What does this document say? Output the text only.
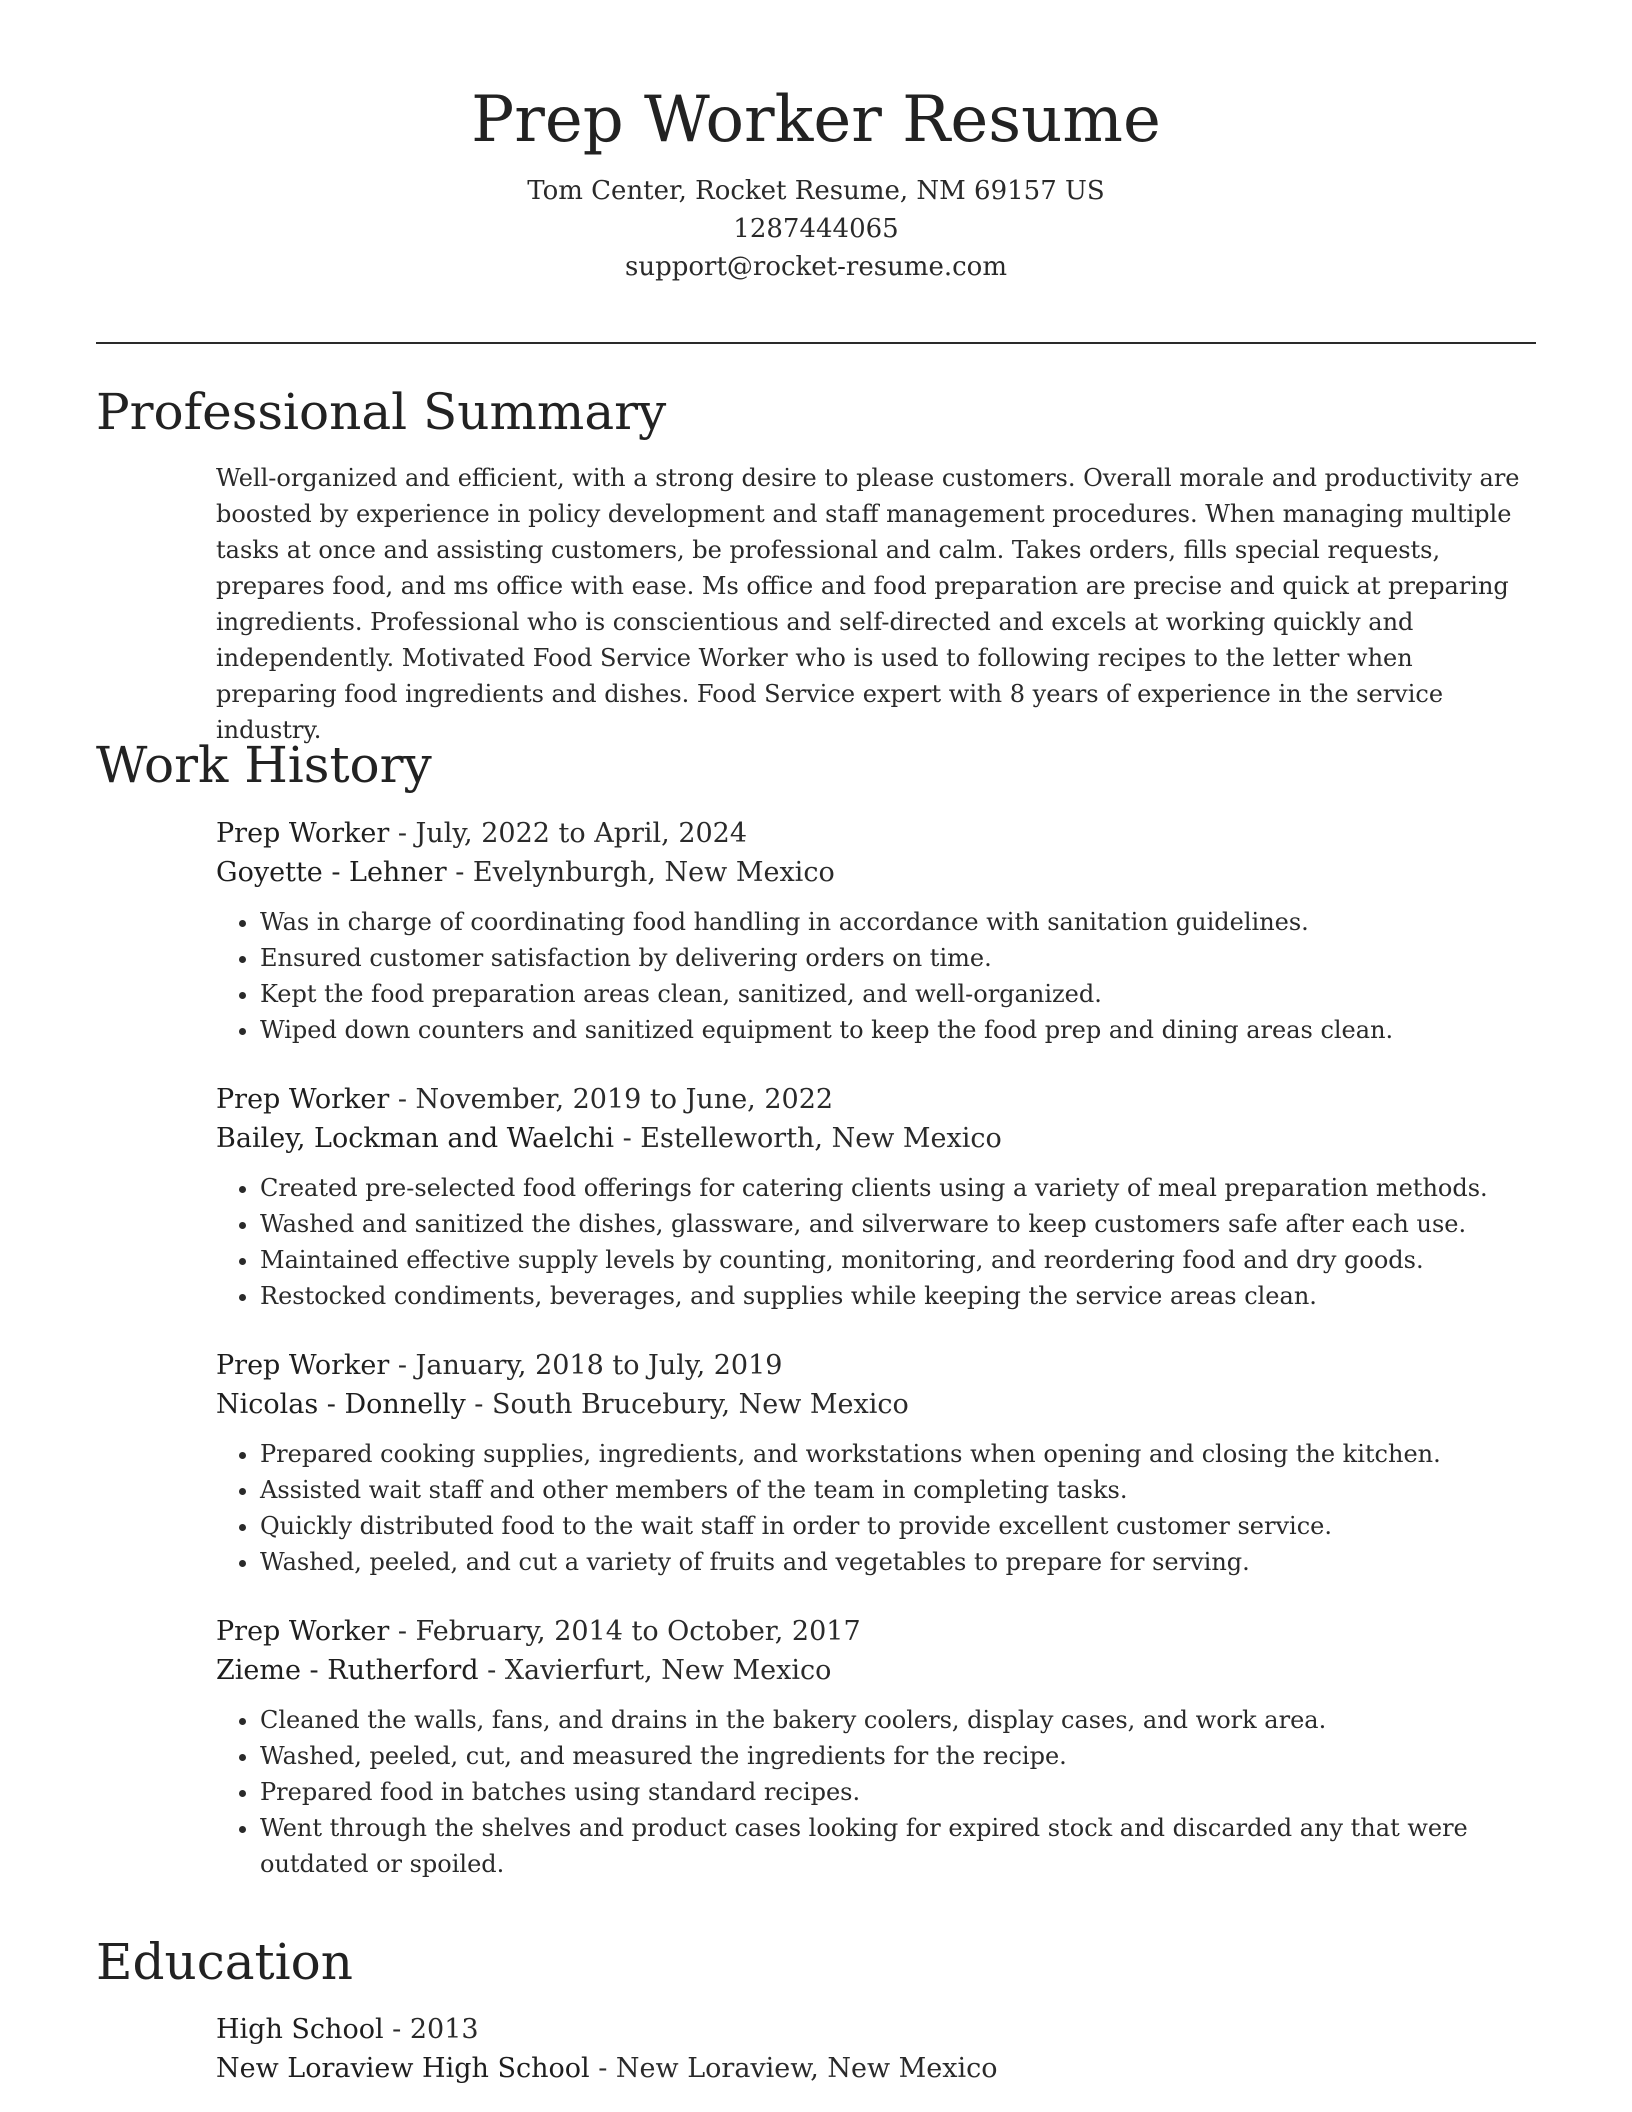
Prep Worker Resume
Tom Center, Rocket Resume, NM 69157 US
1287444065
support@rocket-resume.com
Professional Summary

Well-organized and efficient, with a strong desire to please customers. Overall morale and productivity are boosted by experience in policy development and staff management procedures. When managing multiple tasks at once and assisting customers, be professional and calm. Takes orders, fills special requests, prepares food, and ms office with ease. Ms office and food preparation are precise and quick at preparing ingredients. Professional who is conscientious and self-directed and excels at working quickly and independently. Motivated Food Service Worker who is used to following recipes to the letter when preparing food ingredients and dishes. Food Service expert with 8 years of experience in the service industry.

Work History
Prep Worker - July, 2022 to April, 2024
Goyette - Lehner - Evelynburgh, New Mexico
• Was in charge of coordinating food handling in accordance with sanitation guidelines.
• Ensured customer satisfaction by delivering orders on time.
• Kept the food preparation areas clean, sanitized, and well-organized.
• Wiped down counters and sanitized equipment to keep the food prep and dining areas clean.
Prep Worker - November, 2019 to June, 2022
Bailey, Lockman and Waelchi - Estelleworth, New Mexico
• Created pre-selected food offerings for catering clients using a variety of meal preparation methods.
• Washed and sanitized the dishes, glassware, and silverware to keep customers safe after each use.
• Maintained effective supply levels by counting, monitoring, and reordering food and dry goods.
• Restocked condiments, beverages, and supplies while keeping the service areas clean.
Prep Worker - January, 2018 to July, 2019
Nicolas - Donnelly - South Brucebury, New Mexico
• Prepared cooking supplies, ingredients, and workstations when opening and closing the kitchen.
• Assisted wait staff and other members of the team in completing tasks.
• Quickly distributed food to the wait staff in order to provide excellent customer service.
• Washed, peeled, and cut a variety of fruits and vegetables to prepare for serving.
Prep Worker - February, 2014 to October, 2017
Zieme - Rutherford - Xavierfurt, New Mexico
• Cleaned the walls, fans, and drains in the bakery coolers, display cases, and work area.
• Washed, peeled, cut, and measured the ingredients for the recipe.
• Prepared food in batches using standard recipes.
• Went through the shelves and product cases looking for expired stock and discarded any that were outdated or spoiled.
Education
High School - 2013
New Loraview High School - New Loraview, New Mexico
